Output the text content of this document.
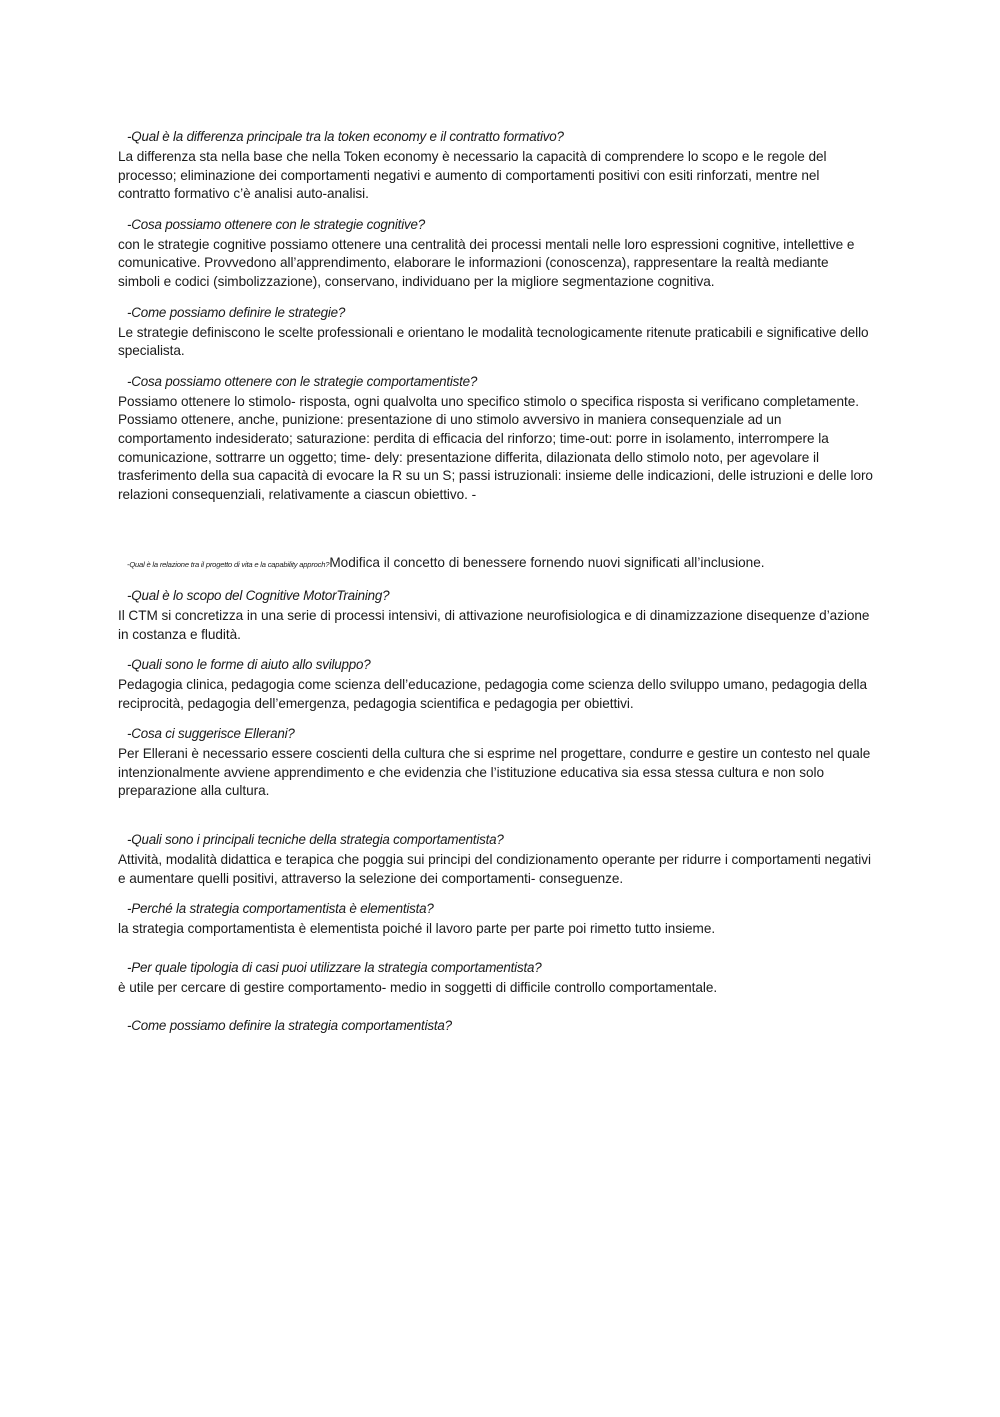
-Qual è la differenza principale tra la token economy e il contratto formativo?
La differenza sta nella base che nella Token economy è necessario la capacità di comprendere lo scopo e le regole del processo; eliminazione dei comportamenti negativi e aumento di comportamenti positivi con esiti rinforzati, mentre nel contratto formativo c’è analisi auto-analisi.
-Cosa possiamo ottenere con le strategie cognitive?
con le strategie cognitive possiamo ottenere una centralità dei processi mentali nelle loro espressioni cognitive, intellettive e comunicative. Provvedono all’apprendimento, elaborare le informazioni (conoscenza), rappresentare la realtà mediante simboli e codici (simbolizzazione), conservano, individuano per la migliore segmentazione cognitiva.
-Come possiamo definire le strategie?
Le strategie definiscono le scelte professionali e orientano le modalità tecnologicamente ritenute praticabili e significative dello specialista.
-Cosa possiamo ottenere con le strategie comportamentiste?
Possiamo ottenere lo stimolo- risposta, ogni qualvolta uno specifico stimolo o specifica risposta si verificano completamente. Possiamo ottenere, anche, punizione: presentazione di uno stimolo avversivo in maniera consequenziale ad un comportamento indesiderato; saturazione: perdita di efficacia del rinforzo; time-out: porre in isolamento, interrompere la comunicazione, sottrarre un oggetto; time- dely: presentazione differita, dilazionata dello stimolo noto, per agevolare il trasferimento della sua capacità di evocare la R su un S; passi istruzionali: insieme delle indicazioni, delle istruzioni e delle loro relazioni consequenziali, relativamente a ciascun obiettivo. -
-Qual è la relazione tra il progetto di vita e la capability approch?Modifica il concetto di benessere fornendo nuovi significati all’inclusione.
-Qual è lo scopo del Cognitive MotorTraining?
Il CTM si concretizza in una serie di processi intensivi, di attivazione neurofisiologica e di dinamizzazione disequenze d’azione in costanza e fludità.
-Quali sono le forme di aiuto allo sviluppo?
Pedagogia clinica, pedagogia come scienza dell’educazione, pedagogia come scienza dello sviluppo umano, pedagogia della reciprocità, pedagogia dell’emergenza, pedagogia scientifica e pedagogia per obiettivi.
-Cosa ci suggerisce Ellerani?
Per Ellerani è necessario essere coscienti della cultura che si esprime nel progettare, condurre e gestire un contesto nel quale intenzionalmente avviene apprendimento e che evidenzia che l’istituzione educativa sia essa stessa cultura e non solo preparazione alla cultura.
-Quali sono i principali tecniche della strategia comportamentista?
Attività, modalità didattica e terapica che poggia sui principi del condizionamento operante per ridurre i comportamenti negativi e aumentare quelli positivi, attraverso la selezione dei comportamenti- conseguenze.
-Perché la strategia comportamentista è elementista?
la strategia comportamentista è elementista poiché il lavoro parte per parte poi rimetto tutto insieme.
-Per quale tipologia di casi puoi utilizzare la strategia comportamentista?
è utile per cercare di gestire comportamento- medio in soggetti di difficile controllo comportamentale.
-Come possiamo definire la strategia comportamentista?
